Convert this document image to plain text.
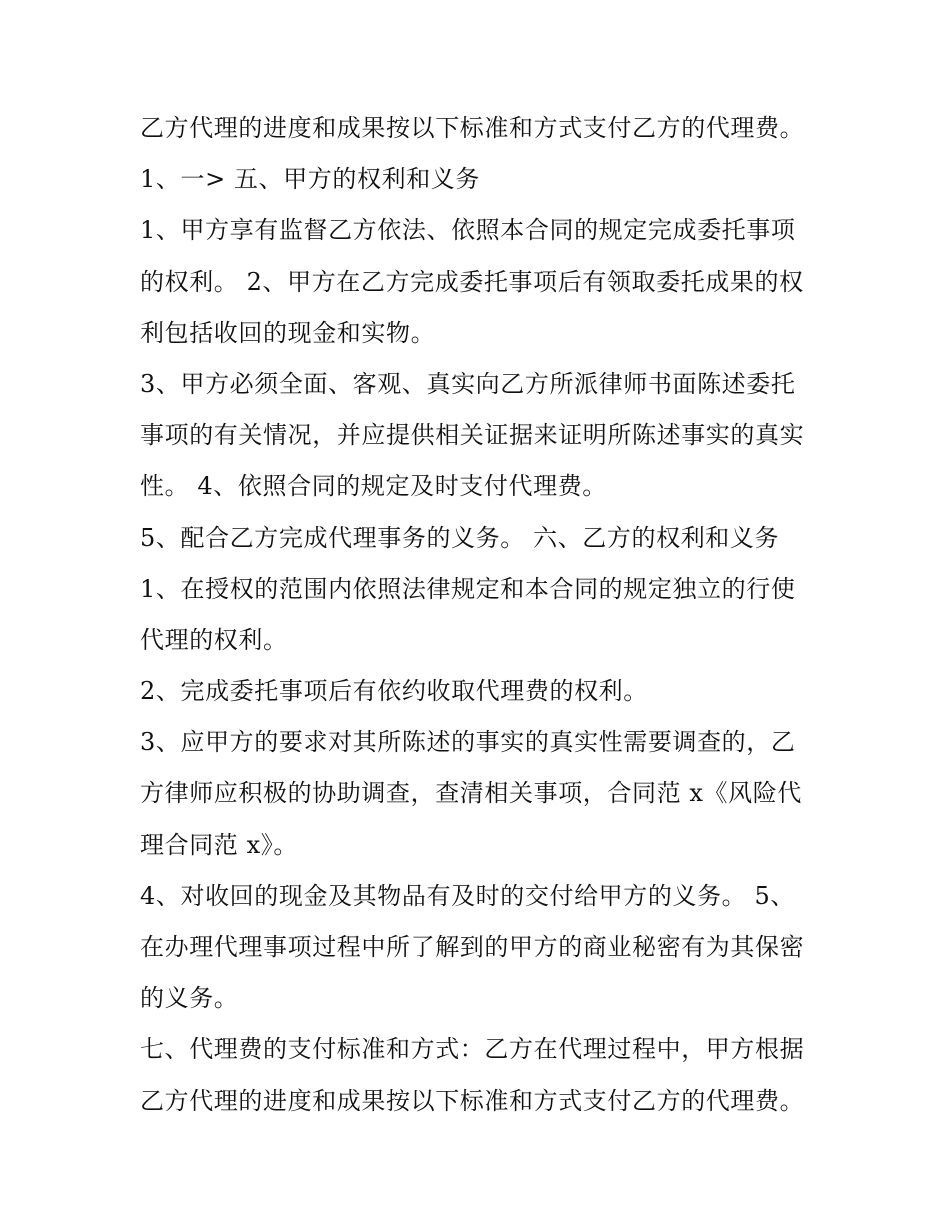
乙方代理的进度和成果按以下标准和方式支付乙方的代理费。
1、一> 五、甲方的权利和义务
1、甲方享有监督乙方依法、依照本合同的规定完成委托事项
的权利。 2、甲方在乙方完成委托事项后有领取委托成果的权
利包括收回的现金和实物。
3、甲方必须全面、客观、真实向乙方所派律师书面陈述委托
事项的有关情况，并应提供相关证据来证明所陈述事实的真实
性。 4、依照合同的规定及时支付代理费。
5、配合乙方完成代理事务的义务。 六、乙方的权利和义务
1、在授权的范围内依照法律规定和本合同的规定独立的行使
代理的权利。
2、完成委托事项后有依约收取代理费的权利。
3、应甲方的要求对其所陈述的事实的真实性需要调查的，乙
方律师应积极的协助调查，查清相关事项，合同范 x《风险代
理合同范 x》。
4、对收回的现金及其物品有及时的交付给甲方的义务。 5、
在办理代理事项过程中所了解到的甲方的商业秘密有为其保密
的义务。
七、代理费的支付标准和方式：乙方在代理过程中，甲方根据
乙方代理的进度和成果按以下标准和方式支付乙方的代理费。
